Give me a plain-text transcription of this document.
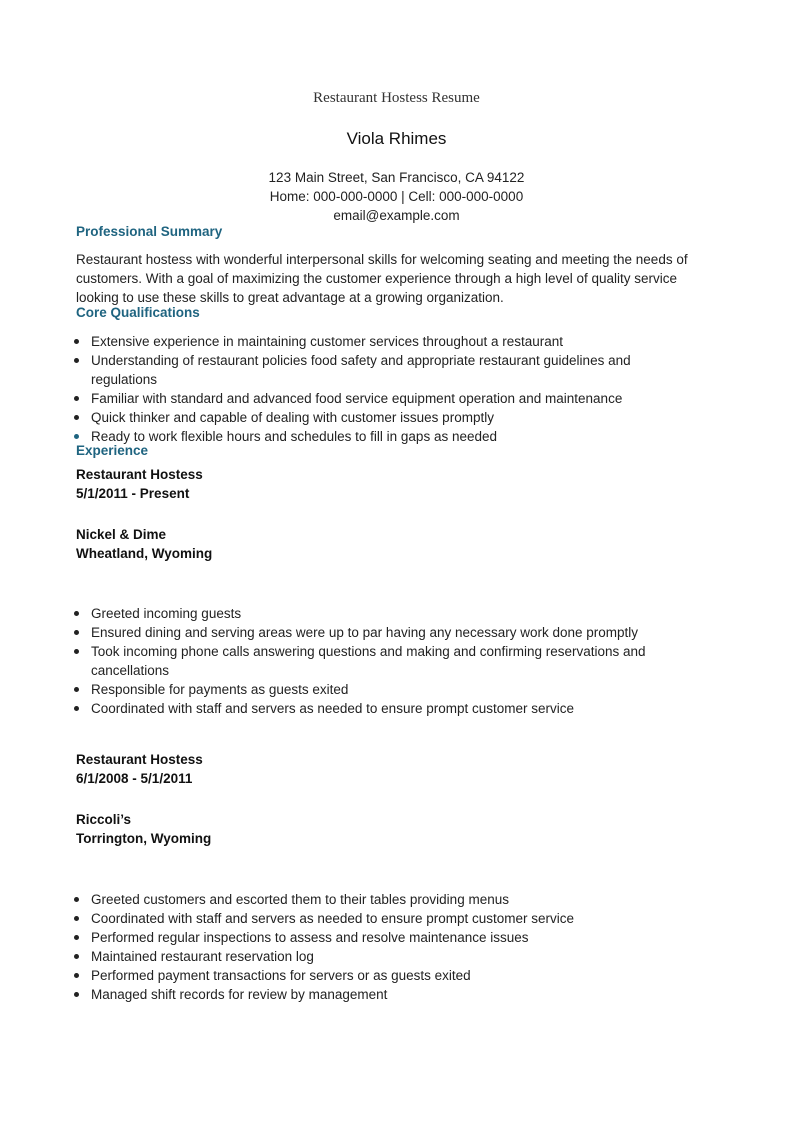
Restaurant Hostess Resume
Viola Rhimes
123 Main Street, San Francisco, CA 94122
Home: 000-000-0000 | Cell: 000-000-0000
email@example.com
Professional Summary

Restaurant hostess with wonderful interpersonal skills for welcoming seating and meeting the needs of customers. With a goal of maximizing the customer experience through a high level of quality service looking to use these skills to great advantage at a growing organization.

Core Qualifications
Extensive experience in maintaining customer services throughout a restaurant
Understanding of restaurant policies food safety and appropriate restaurant guidelines and regulations
Familiar with standard and advanced food service equipment operation and maintenance
Quick thinker and capable of dealing with customer issues promptly
Ready to work flexible hours and schedules to fill in gaps as needed
Experience
Restaurant Hostess
5/1/2011 - Present
Nickel & Dime
Wheatland, Wyoming
Greeted incoming guests
Ensured dining and serving areas were up to par having any necessary work done promptly
Took incoming phone calls answering questions and making and confirming reservations and cancellations
Responsible for payments as guests exited
Coordinated with staff and servers as needed to ensure prompt customer service
Restaurant Hostess
6/1/2008 - 5/1/2011
Riccoli’s
Torrington, Wyoming
Greeted customers and escorted them to their tables providing menus
Coordinated with staff and servers as needed to ensure prompt customer service
Performed regular inspections to assess and resolve maintenance issues
Maintained restaurant reservation log
Performed payment transactions for servers or as guests exited
Managed shift records for review by management
